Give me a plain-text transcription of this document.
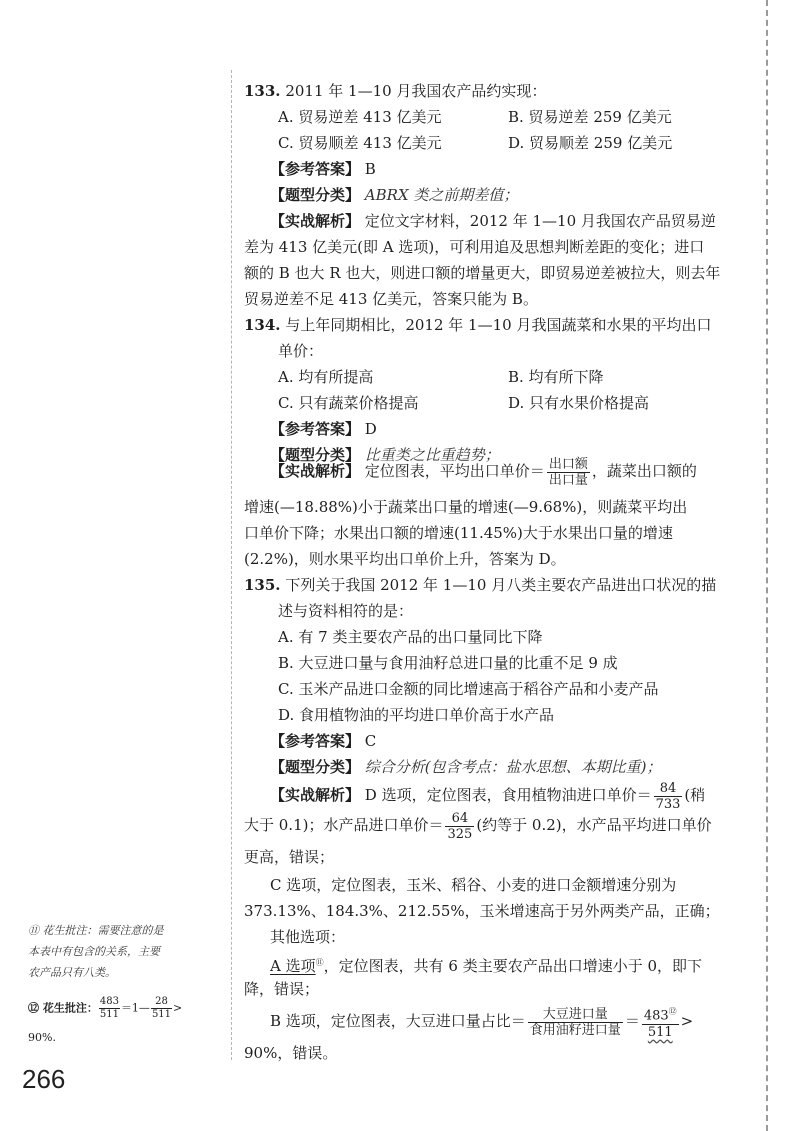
133. 2011 年 1—10 月我国农产品约实现：
A. 贸易逆差 413 亿美元	B. 贸易逆差 259 亿美元
C. 贸易顺差 413 亿美元	D. 贸易顺差 259 亿美元
【参考答案】 B
【题型分类】 ABRX 类之前期差值；
【实战解析】 定位文字材料，2012 年 1—10 月我国农产品贸易逆
差为 413 亿美元(即 A 选项)，可利用追及思想判断差距的变化；进口
额的 B 也大 R 也大，则进口额的增量更大，即贸易逆差被拉大，则去年
贸易逆差不足 413 亿美元，答案只能为 B。
134. 与上年同期相比，2012 年 1—10 月我国蔬菜和水果的平均出口
单价：
A. 均有所提高	B. 均有所下降
C. 只有蔬菜价格提高	D. 只有水果价格提高
【参考答案】 D
【题型分类】 比重类之比重趋势；
【实战解析】 定位图表，平均出口单价＝ $\frac{\text{出口额}}{\text{出口量}}$ ，蔬菜出口额的
增速(—18.88%)小于蔬菜出口量的增速(—9.68%)，则蔬菜平均出
口单价下降；水果出口额的增速(11.45%)大于水果出口量的增速
(2.2%)，则水果平均出口单价上升，答案为 D。
135. 下列关于我国 2012 年 1—10 月八类主要农产品进出口状况的描
述与资料相符的是：
A. 有 7 类主要农产品的出口量同比下降
B. 大豆进口量与食用油籽总进口量的比重不足 9 成
C. 玉米产品进口金额的同比增速高于稻谷产品和小麦产品
D. 食用植物油的平均进口单价高于水产品
【参考答案】 C
【题型分类】 综合分析(包含考点：盐水思想、本期比重)；
【实战解析】 D 选项，定位图表，食用植物油进口单价＝ $\frac{84}{733}$ (稍
大于 0.1)；水产品进口单价＝ $\frac{64}{325}$ (约等于 0.2)，水产品平均进口单价
更高，错误；
C 选项，定位图表，玉米、稻谷、小麦的进口金额增速分别为
373.13%、184.3%、212.55%，玉米增速高于另外两类产品，正确；
其他选项：
A 选项⑪，定位图表，共有 6 类主要农产品出口增速小于 0，即下
降，错误；
B 选项，定位图表，大豆进口量占比＝ $\frac{\text{大豆进口量}}{\text{食用油籽进口量}} = \frac{483^⑫}{511}$ >
90%，错误。
⑪ 花生批注：需要注意的是
本表中有包含的关系，主要
农产品只有八类。
⑫ 花生批注： $\frac{483}{511}$ ＝1— $\frac{28}{511}$ >
90%.
266
